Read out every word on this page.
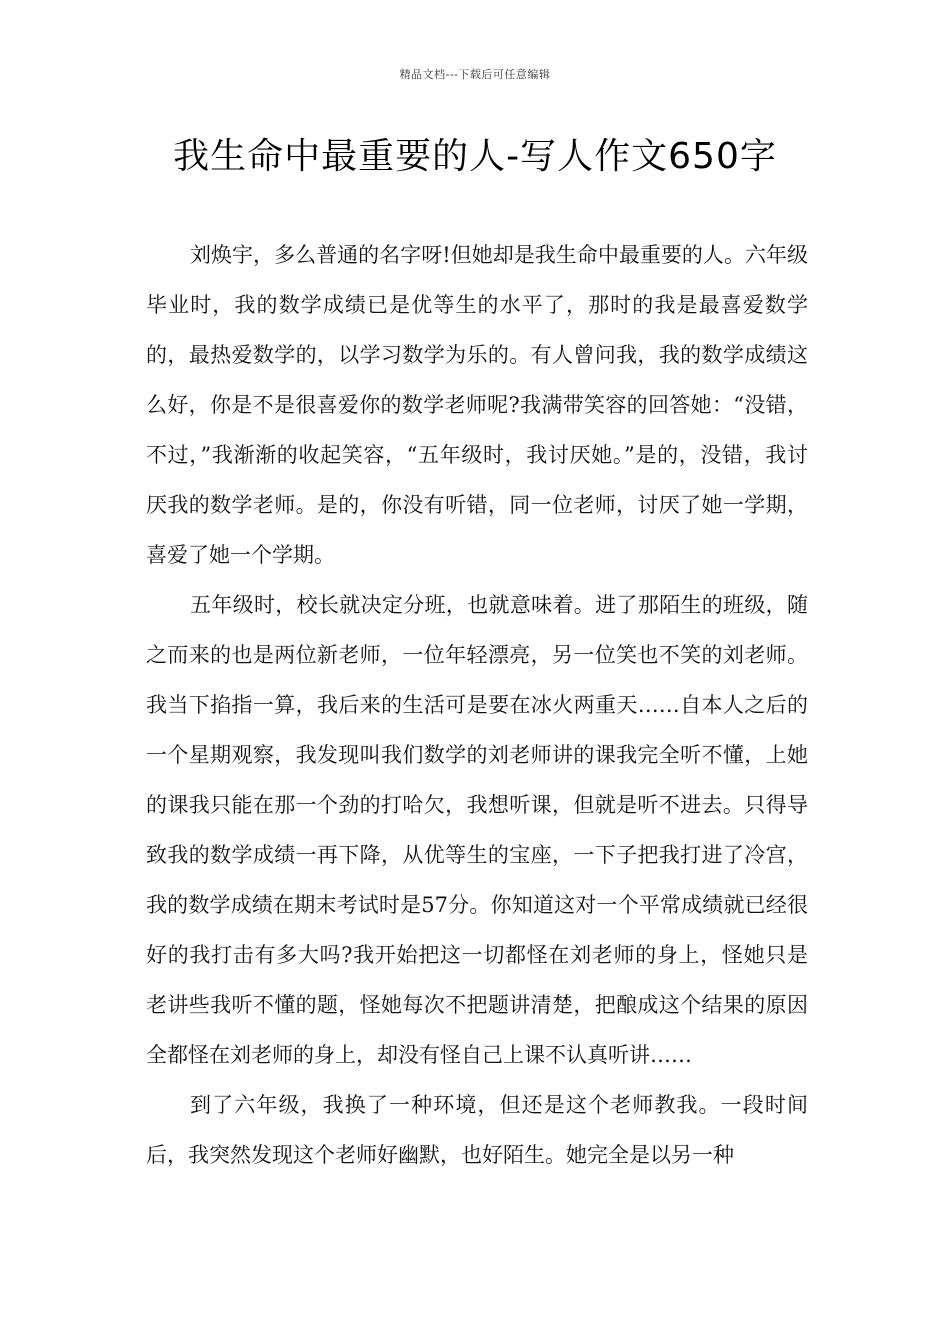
精品文档---下载后可任意编辑
我生命中最重要的人-写人作文650字

刘焕宇，多么普通的名字呀!但她却是我生命中最重要的人。六年级毕业时，我的数学成绩已是优等生的水平了，那时的我是最喜爱数学的，最热爱数学的，以学习数学为乐的。有人曾问我，我的数学成绩这么好，你是不是很喜爱你的数学老师呢?我满带笑容的回答她：“没错，不过，”我渐渐的收起笑容，“五年级时，我讨厌她。”是的，没错，我讨厌我的数学老师。是的，你没有听错，同一位老师，讨厌了她一学期，喜爱了她一个学期。

五年级时，校长就决定分班，也就意味着。进了那陌生的班级，随之而来的也是两位新老师，一位年轻漂亮，另一位笑也不笑的刘老师。我当下掐指一算，我后来的生活可是要在冰火两重天……自本人之后的一个星期观察，我发现叫我们数学的刘老师讲的课我完全听不懂，上她的课我只能在那一个劲的打哈欠，我想听课，但就是听不进去。只得导致我的数学成绩一再下降，从优等生的宝座，一下子把我打进了冷宫，我的数学成绩在期末考试时是57分。你知道这对一个平常成绩就已经很好的我打击有多大吗?我开始把这一切都怪在刘老师的身上，怪她只是老讲些我听不懂的题，怪她每次不把题讲清楚，把酿成这个结果的原因全都怪在刘老师的身上，却没有怪自己上课不认真听讲……

到了六年级，我换了一种环境，但还是这个老师教我。一段时间后，我突然发现这个老师好幽默，也好陌生。她完全是以另一种
